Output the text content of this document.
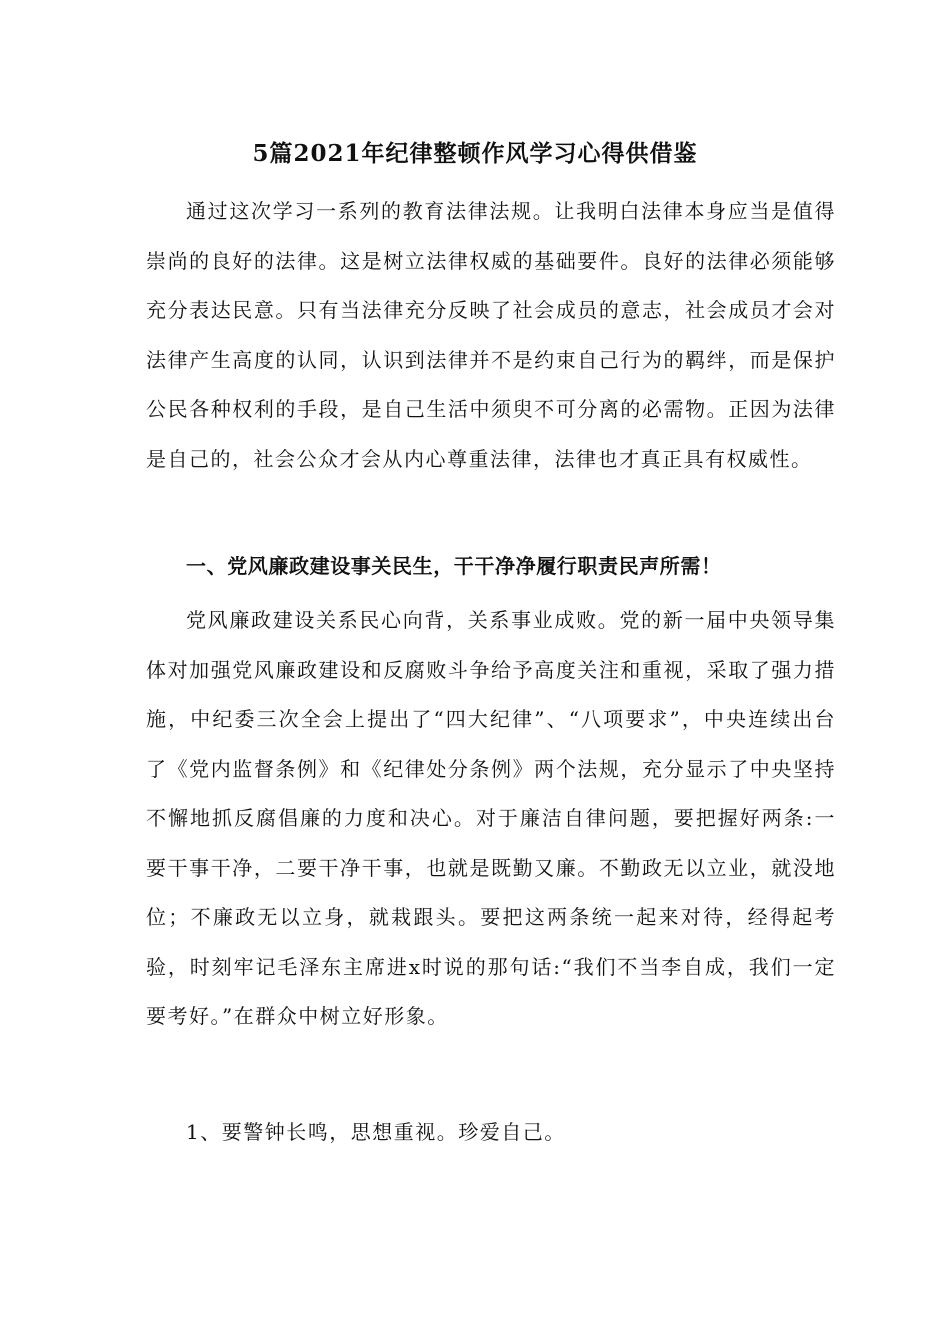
5篇2021年纪律整顿作风学习心得供借鉴

通过这次学习一系列的教育法律法规。让我明白法律本身应当是值得崇尚的良好的法律。这是树立法律权威的基础要件。良好的法律必须能够充分表达民意。只有当法律充分反映了社会成员的意志，社会成员才会对法律产生高度的认同，认识到法律并不是约束自己行为的羁绊，而是保护公民各种权利的手段，是自己生活中须臾不可分离的必需物。正因为法律是自己的，社会公众才会从内心尊重法律，法律也才真正具有权威性。

一、党风廉政建设事关民生，干干净净履行职责民声所需！

党风廉政建设关系民心向背，关系事业成败。党的新一届中央领导集体对加强党风廉政建设和反腐败斗争给予高度关注和重视，采取了强力措施，中纪委三次全会上提出了“四大纪律”、“八项要求”，中央连续出台了《党内监督条例》和《纪律处分条例》两个法规，充分显示了中央坚持不懈地抓反腐倡廉的力度和决心。对于廉洁自律问题，要把握好两条:一要干事干净，二要干净干事，也就是既勤又廉。不勤政无以立业，就没地位；不廉政无以立身，就栽跟头。要把这两条统一起来对待，经得起考验，时刻牢记毛泽东主席进x时说的那句话:“我们不当李自成，我们一定要考好。”在群众中树立好形象。

1、要警钟长鸣，思想重视。珍爱自己。
